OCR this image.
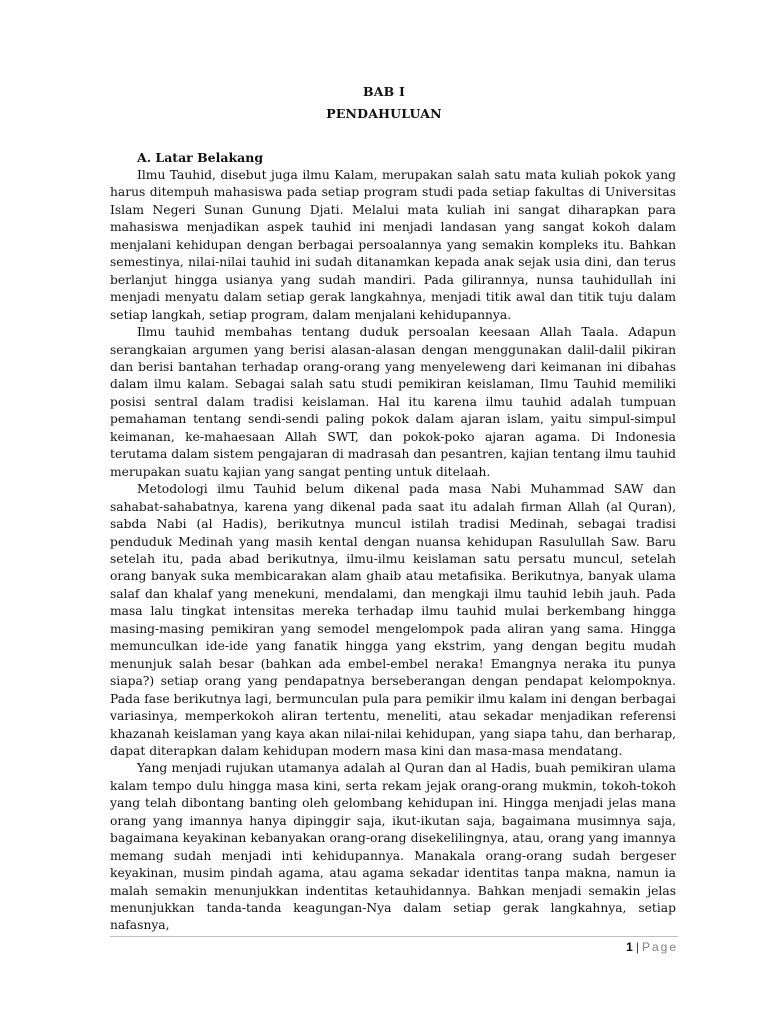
BAB I
PENDAHULUAN
A. Latar Belakang

Ilmu Tauhid, disebut juga ilmu Kalam, merupakan salah satu mata kuliah pokok yang harus ditempuh mahasiswa pada setiap program studi pada setiap fakultas di Universitas Islam Negeri Sunan Gunung Djati. Melalui mata kuliah ini sangat diharapkan para mahasiswa menjadikan aspek tauhid ini menjadi landasan yang sangat kokoh dalam menjalani kehidupan dengan berbagai persoalannya yang semakin kompleks itu. Bahkan semestinya, nilai-nilai tauhid ini sudah ditanamkan kepada anak sejak usia dini, dan terus berlanjut hingga usianya yang sudah mandiri. Pada gilirannya, nunsa tauhidullah ini menjadi menyatu dalam setiap gerak langkahnya, menjadi titik awal dan titik tuju dalam setiap langkah, setiap program, dalam menjalani kehidupannya.

Ilmu tauhid membahas tentang duduk persoalan keesaan Allah Taala. Adapun serangkaian argumen yang berisi alasan-alasan dengan menggunakan dalil-dalil pikiran dan berisi bantahan terhadap orang-orang yang menyeleweng dari keimanan ini dibahas dalam ilmu kalam. Sebagai salah satu studi pemikiran keislaman, Ilmu Tauhid memiliki posisi sentral dalam tradisi keislaman. Hal itu karena ilmu tauhid adalah tumpuan pemahaman tentang sendi-sendi paling pokok dalam ajaran islam, yaitu simpul-simpul keimanan, ke-mahaesaan Allah SWT, dan pokok-poko ajaran agama. Di Indonesia terutama dalam sistem pengajaran di madrasah dan pesantren, kajian tentang ilmu tauhid merupakan suatu kajian yang sangat penting untuk ditelaah.

Metodologi ilmu Tauhid belum dikenal pada masa Nabi Muhammad SAW dan sahabat-sahabatnya, karena yang dikenal pada saat itu adalah firman Allah (al Quran), sabda Nabi (al Hadis), berikutnya muncul istilah tradisi Medinah, sebagai tradisi penduduk Medinah yang masih kental dengan nuansa kehidupan Rasulullah Saw. Baru setelah itu, pada abad berikutnya, ilmu-ilmu keislaman satu persatu muncul, setelah orang banyak suka membicarakan alam ghaib atau metafisika. Berikutnya, banyak ulama salaf dan khalaf yang menekuni, mendalami, dan mengkaji ilmu tauhid lebih jauh. Pada masa lalu tingkat intensitas mereka terhadap ilmu tauhid mulai berkembang hingga masing-masing pemikiran yang semodel mengelompok pada aliran yang sama. Hingga memunculkan ide-ide yang fanatik hingga yang ekstrim, yang dengan begitu mudah menunjuk salah besar (bahkan ada embel-embel neraka! Emangnya neraka itu punya siapa?) setiap orang yang pendapatnya berseberangan dengan pendapat kelompoknya. Pada fase berikutnya lagi, bermunculan pula para pemikir ilmu kalam ini dengan berbagai variasinya, memperkokoh aliran tertentu, meneliti, atau sekadar menjadikan referensi khazanah keislaman yang kaya akan nilai-nilai kehidupan, yang siapa tahu, dan berharap, dapat diterapkan dalam kehidupan modern masa kini dan masa-masa mendatang.

Yang menjadi rujukan utamanya adalah al Quran dan al Hadis, buah pemikiran ulama kalam tempo dulu hingga masa kini, serta rekam jejak orang-orang mukmin, tokoh-tokoh yang telah dibontang banting oleh gelombang kehidupan ini. Hingga menjadi jelas mana orang yang imannya hanya dipinggir saja, ikut-ikutan saja, bagaimana musimnya saja, bagaimana keyakinan kebanyakan orang-orang disekelilingnya, atau, orang yang imannya memang sudah menjadi inti kehidupannya. Manakala orang-orang sudah bergeser keyakinan, musim pindah agama, atau agama sekadar identitas tanpa makna, namun ia malah semakin menunjukkan indentitas ketauhidannya. Bahkan menjadi semakin jelas menunjukkan tanda-tanda keagungan-Nya dalam setiap gerak langkahnya, setiap nafasnya,

1 | Page
